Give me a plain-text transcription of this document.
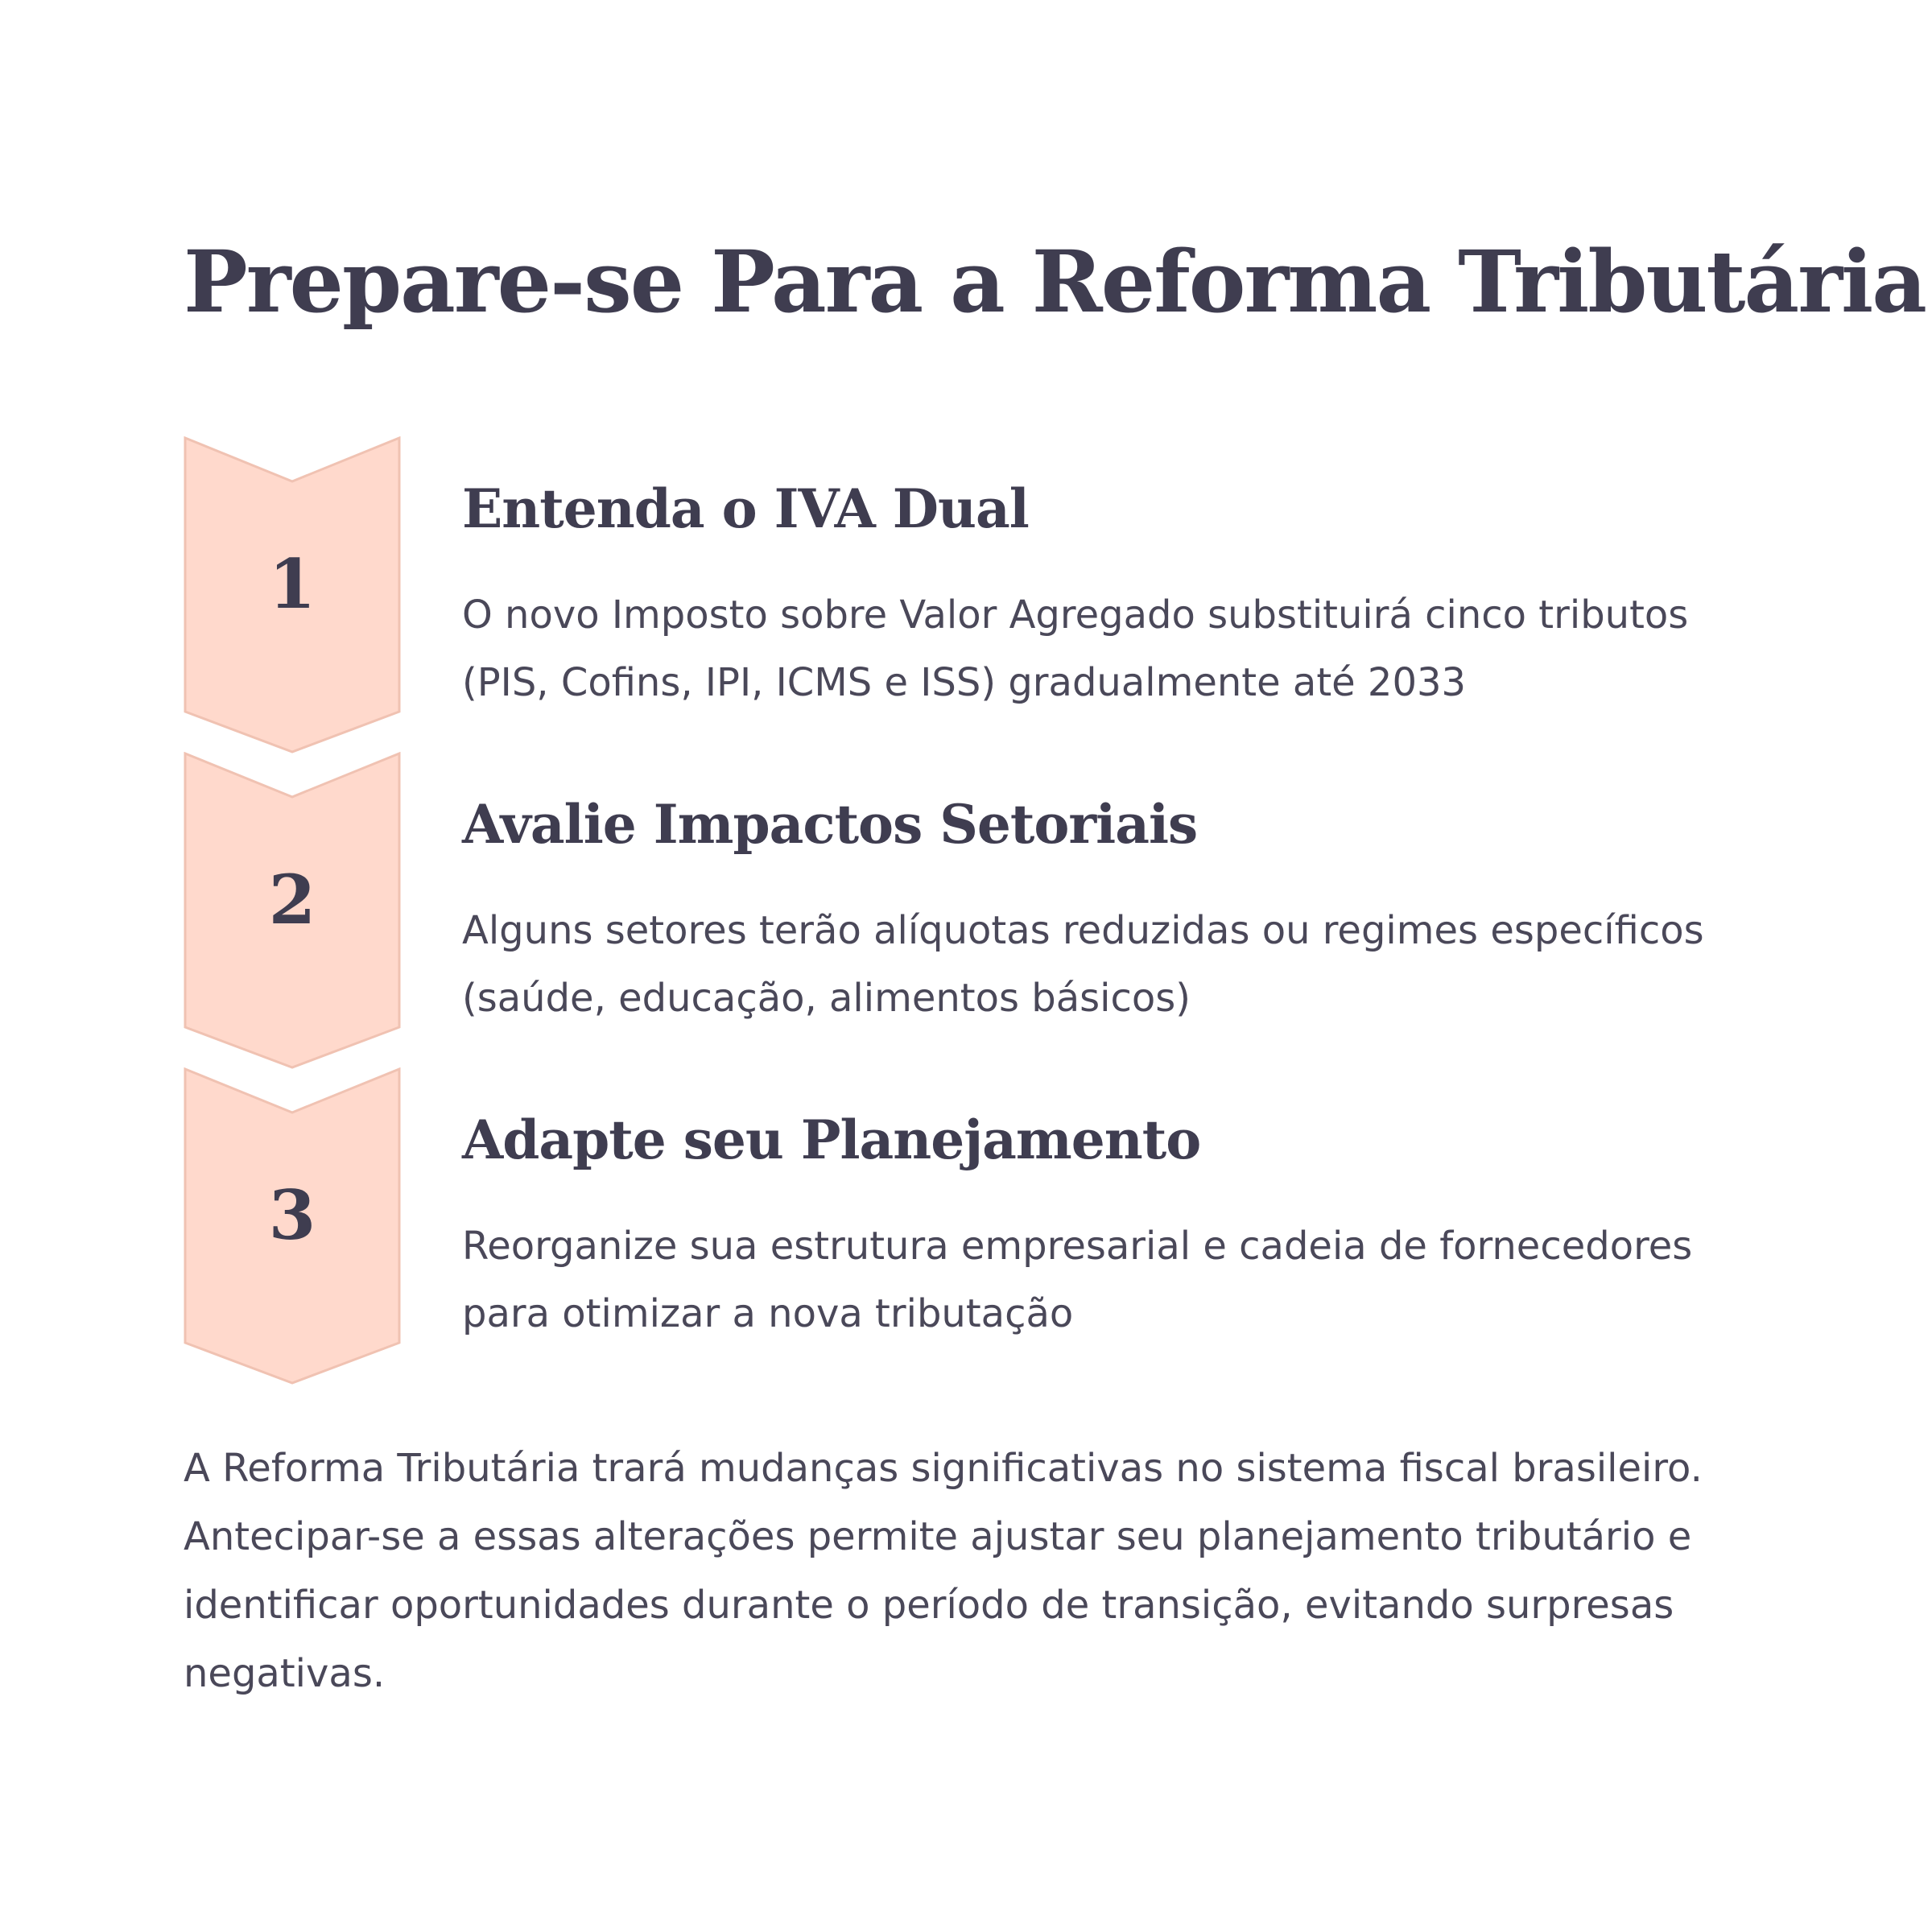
Prepare-se Para a Reforma Tributária
1
Entenda o IVA Dual

O novo Imposto sobre Valor Agregado substituirá cinco tributos (PIS, Cofins, IPI, ICMS e ISS) gradualmente até 2033

2
Avalie Impactos Setoriais

Alguns setores terão alíquotas reduzidas ou regimes específicos (saúde, educação, alimentos básicos)

3
Adapte seu Planejamento

Reorganize sua estrutura empresarial e cadeia de fornecedores para otimizar a nova tributação

A Reforma Tributária trará mudanças significativas no sistema fiscal brasileiro. Antecipar-se a essas alterações permite ajustar seu planejamento tributário e identificar oportunidades durante o período de transição, evitando surpresas negativas.
